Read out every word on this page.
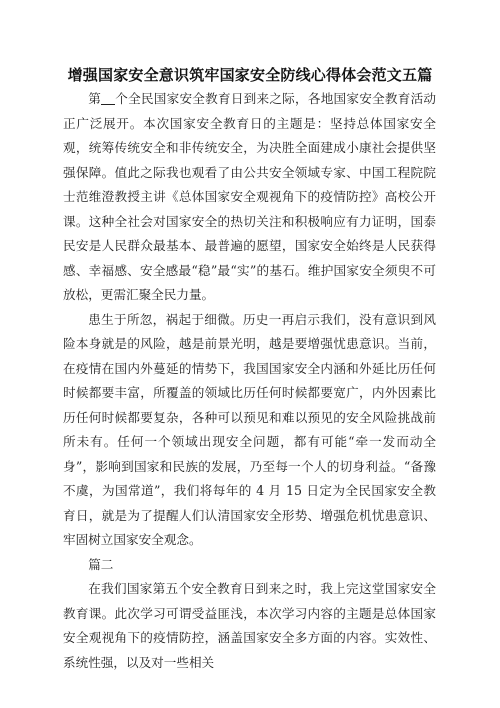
增强国家安全意识筑牢国家安全防线心得体会范文五篇

第 个全民国家安全教育日到来之际，各地国家安全教育活动正广泛展开。本次国家安全教育日的主题是：坚持总体国家安全观，统筹传统安全和非传统安全，为决胜全面建成小康社会提供坚强保障。值此之际我也观看了由公共安全领域专家、中国工程院院士范维澄教授主讲《总体国家安全观视角下的疫情防控》高校公开课。这种全社会对国家安全的热切关注和积极响应有力证明，国泰民安是人民群众最基本、最普遍的愿望，国家安全始终是人民获得感、幸福感、安全感最“稳”最“实”的基石。维护国家安全须臾不可放松，更需汇聚全民力量。

患生于所忽，祸起于细微。历史一再启示我们，没有意识到风险本身就是的风险，越是前景光明，越是要增强忧患意识。当前，在疫情在国内外蔓延的情势下，我国国家安全内涵和外延比历任何时候都要丰富，所覆盖的领域比历任何时候都要宽广，内外因素比历任何时候都要复杂，各种可以预见和难以预见的安全风险挑战前所未有。任何一个领域出现安全问题，都有可能“牵一发而动全身”，影响到国家和民族的发展，乃至每一个人的切身利益。“备豫不虞，为国常道”，我们将每年的 4 月 15 日定为全民国家安全教育日，就是为了提醒人们认清国家安全形势、增强危机忧患意识、牢固树立国家安全观念。

篇二

在我们国家第五个安全教育日到来之时，我上完这堂国家安全教育课。此次学习可谓受益匪浅，本次学习内容的主题是总体国家安全观视角下的疫情防控，涵盖国家安全多方面的内容。实效性、系统性强，以及对一些相关
